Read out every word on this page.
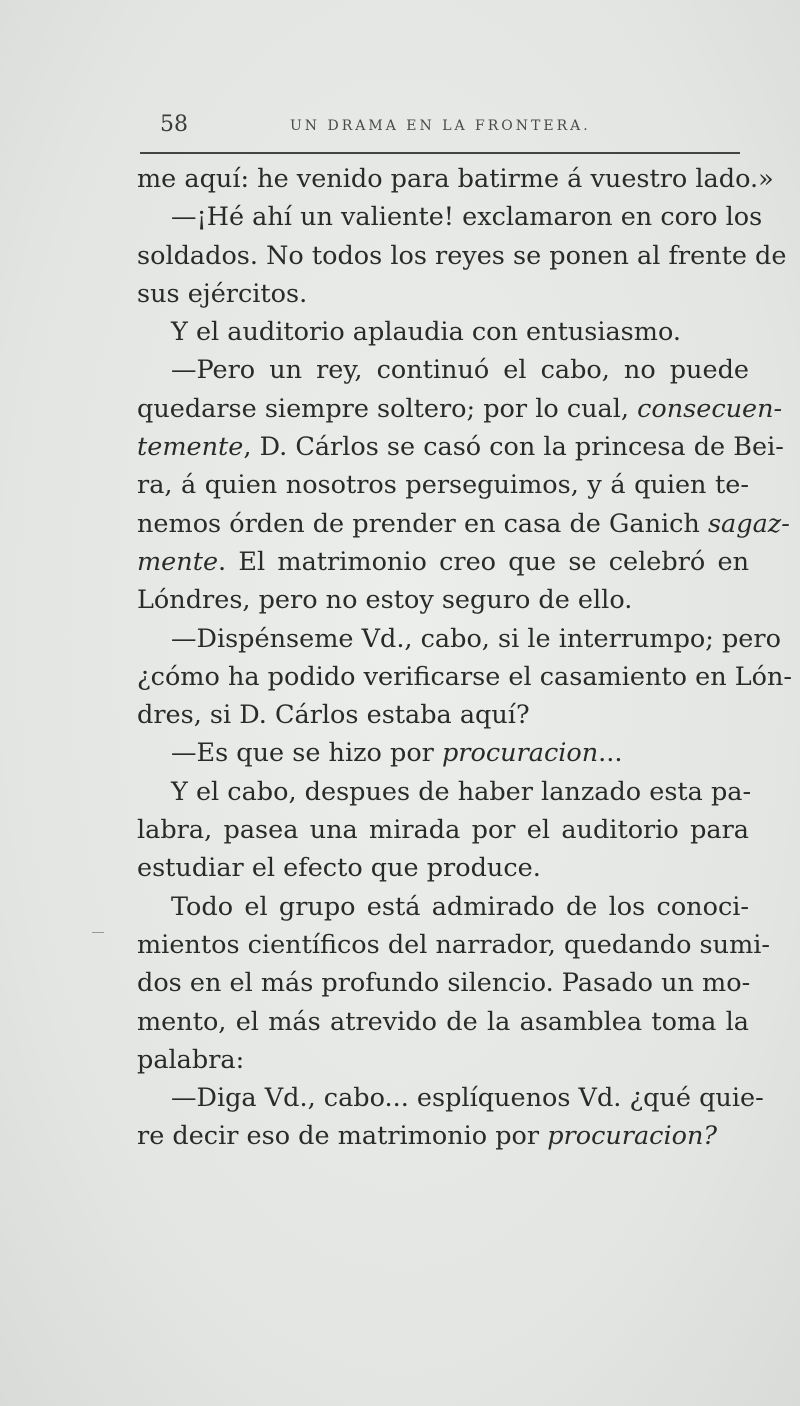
58	UN DRAMA EN LA FRONTERA.
me aquí: he venido para batirme á vuestro lado.»
—¡Hé ahí un valiente! exclamaron en coro los
soldados. No todos los reyes se ponen al frente de
sus ejércitos.
Y el auditorio aplaudia con entusiasmo.
—Pero un rey, continuó el cabo, no puede
quedarse siempre soltero; por lo cual, consecuen-
temente, D. Cárlos se casó con la princesa de Bei-
ra, á quien nosotros perseguimos, y á quien te-
nemos órden de prender en casa de Ganich sagaz-
mente. El matrimonio creo que se celebró en
Lóndres, pero no estoy seguro de ello.
—Dispénseme Vd., cabo, si le interrumpo; pero
¿cómo ha podido verificarse el casamiento en Lón-
dres, si D. Cárlos estaba aquí?
—Es que se hizo por procuracion...
Y el cabo, despues de haber lanzado esta pa-
labra, pasea una mirada por el auditorio para
estudiar el efecto que produce.
Todo el grupo está admirado de los conoci-
mientos científicos del narrador, quedando sumi-
dos en el más profundo silencio. Pasado un mo-
mento, el más atrevido de la asamblea toma la
palabra:
—Diga Vd., cabo... esplíquenos Vd. ¿qué quie-
re decir eso de matrimonio por procuracion?
